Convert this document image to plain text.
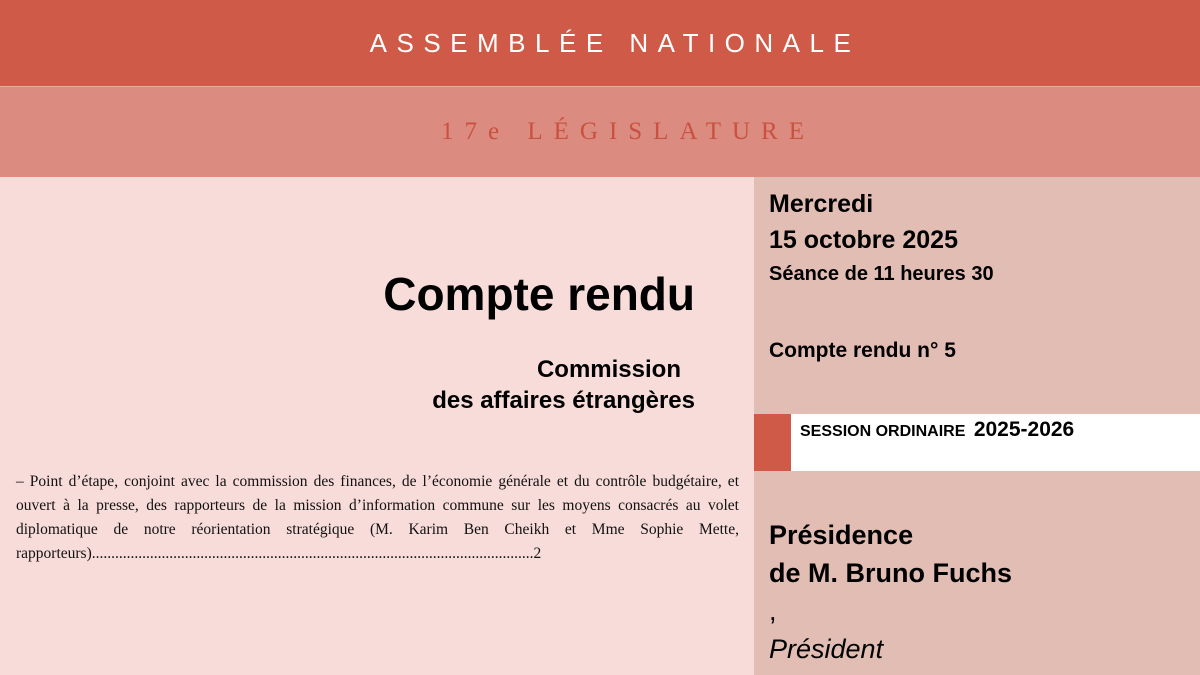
ASSEMBLÉE NATIONALE
17e LÉGISLATURE
Compte rendu
Commission
des affaires étrangères
– Point d’étape, conjoint avec la commission des finances, de l’économie générale et du contrôle budgétaire, et ouvert à la presse, des rapporteurs de la mission d’information commune sur les moyens consacrés au volet diplomatique de notre réorientation stratégique (M. Karim Ben Cheikh et Mme Sophie Mette, rapporteurs)..................................................................................................................2
Mercredi
15 octobre 2025
Séance de 11 heures 30
Compte rendu n° 5
SESSION ORDINAIRE 2025-2026
Présidence
de M. Bruno Fuchs
,
Président
